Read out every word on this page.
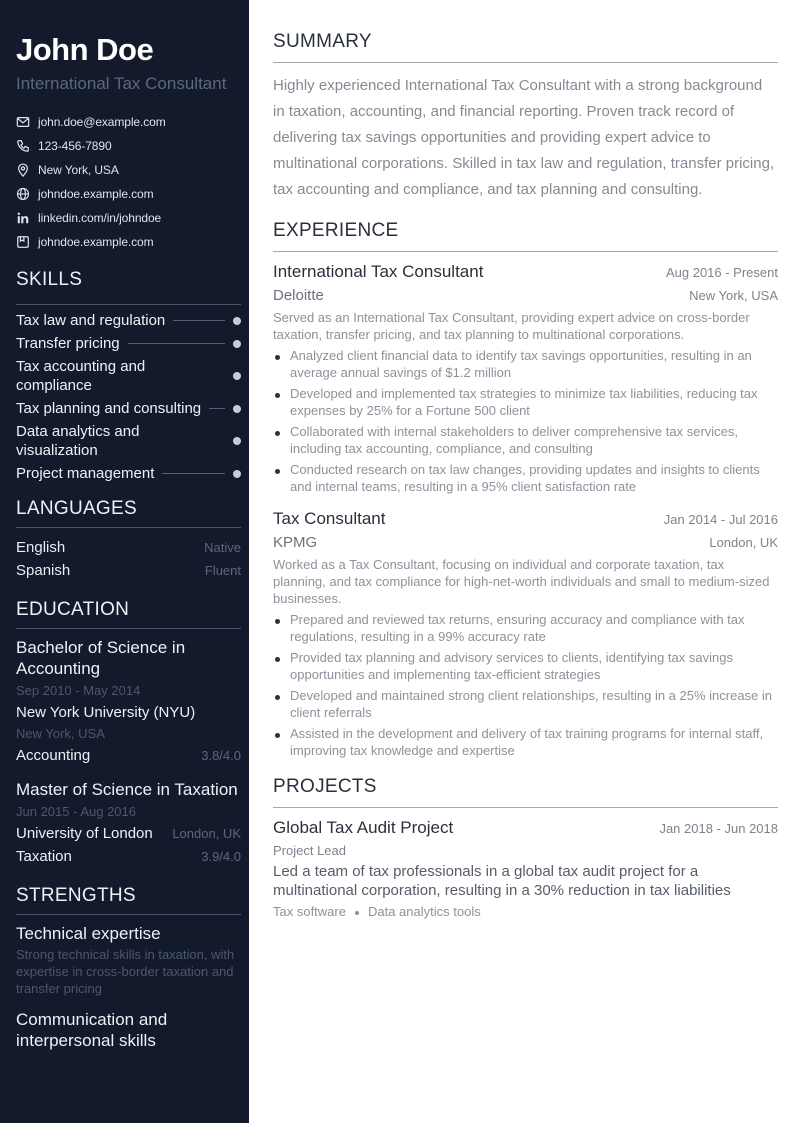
John Doe
International Tax Consultant
john.doe@example.com
123-456-7890
New York, USA
johndoe.example.com
linkedin.com/in/johndoe
johndoe.example.com
SKILLS
Tax law and regulation
Transfer pricing
Tax accounting and compliance
Tax planning and consulting
Data analytics and visualization
Project management
LANGUAGES
English	Native
Spanish	Fluent
EDUCATION
Bachelor of Science in Accounting
Sep 2010 - May 2014
New York University (NYU)
New York, USA
Accounting	3.8/4.0
Master of Science in Taxation
Jun 2015 - Aug 2016
University of London London, UK
Taxation	3.9/4.0
STRENGTHS
Technical expertise
Strong technical skills in taxation, with expertise in cross-border taxation and transfer pricing
Communication and interpersonal skills
SUMMARY

Highly experienced International Tax Consultant with a strong background in taxation, accounting, and financial reporting. Proven track record of delivering tax savings opportunities and providing expert advice to multinational corporations. Skilled in tax law and regulation, transfer pricing, tax accounting and compliance, and tax planning and consulting.

EXPERIENCE
International Tax Consultant	Aug 2016 - Present
Deloitte	New York, USA

Served as an International Tax Consultant, providing expert advice on cross-border taxation, transfer pricing, and tax planning to multinational corporations.

Analyzed client financial data to identify tax savings opportunities, resulting in an average annual savings of $1.2 million
Developed and implemented tax strategies to minimize tax liabilities, reducing tax expenses by 25% for a Fortune 500 client
Collaborated with internal stakeholders to deliver comprehensive tax services, including tax accounting, compliance, and consulting
Conducted research on tax law changes, providing updates and insights to clients and internal teams, resulting in a 95% client satisfaction rate
Tax Consultant	Jan 2014 - Jul 2016
KPMG	London, UK

Worked as a Tax Consultant, focusing on individual and corporate taxation, tax planning, and tax compliance for high-net-worth individuals and small to medium-sized businesses.

Prepared and reviewed tax returns, ensuring accuracy and compliance with tax regulations, resulting in a 99% accuracy rate
Provided tax planning and advisory services to clients, identifying tax savings opportunities and implementing tax-efficient strategies
Developed and maintained strong client relationships, resulting in a 25% increase in client referrals
Assisted in the development and delivery of tax training programs for internal staff, improving tax knowledge and expertise
PROJECTS
Global Tax Audit Project	Jan 2018 - Jun 2018
Project Lead

Led a team of tax professionals in a global tax audit project for a multinational corporation, resulting in a 30% reduction in tax liabilities

Tax software Data analytics tools
